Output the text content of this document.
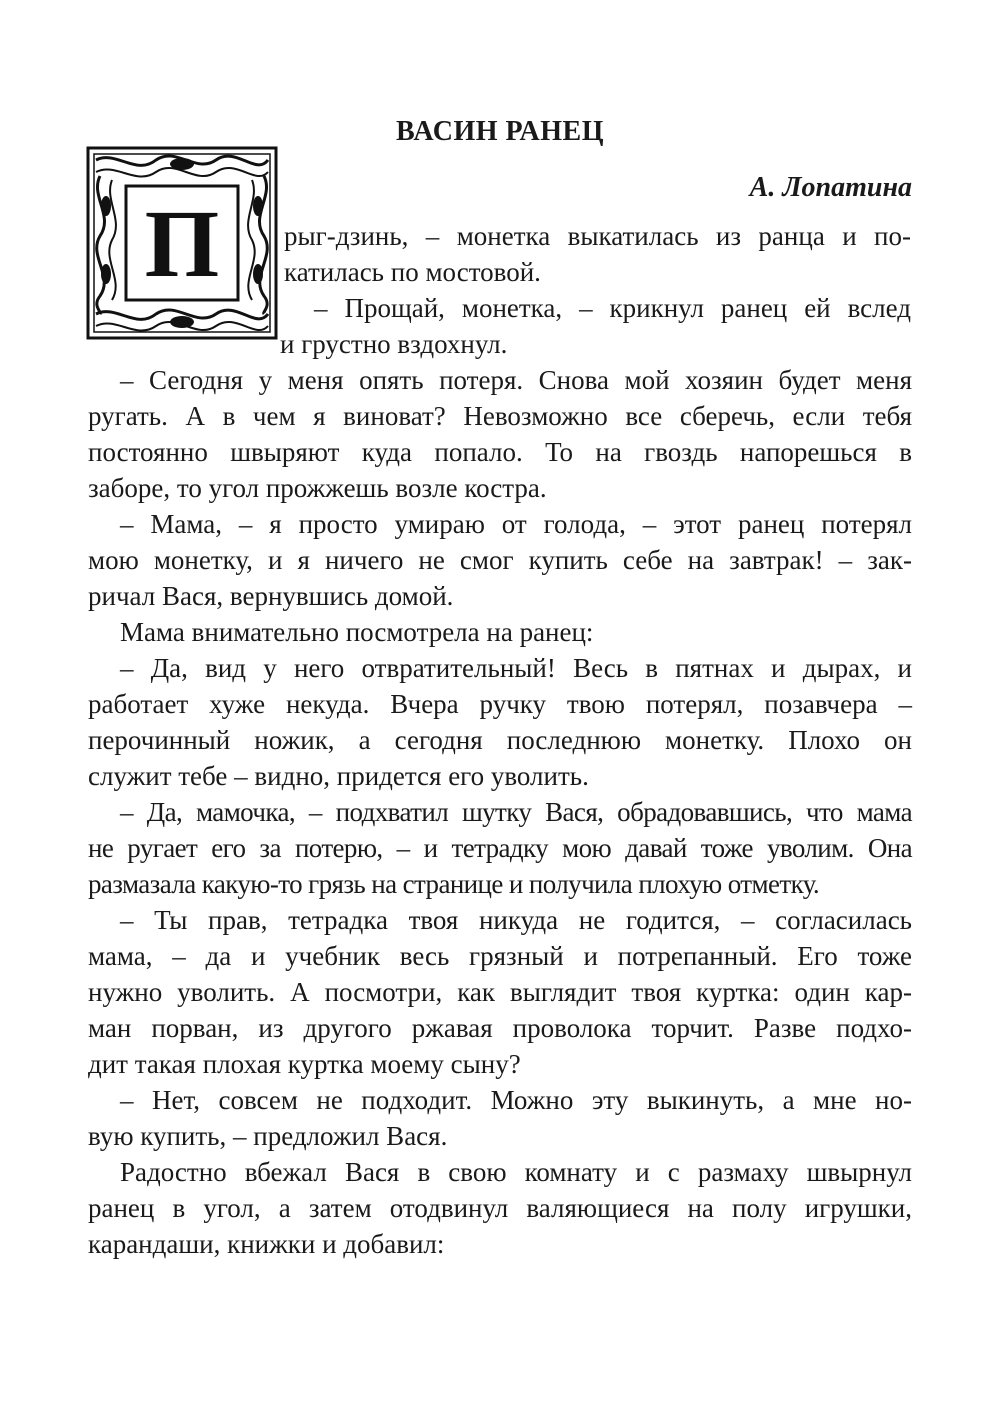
ВАСИН РАНЕЦ
А. Лопатина
П	рыг-дзинь, – монетка выкатилась из ранца и по-
катилась по мостовой.
– Прощай, монетка, – крикнул ранец ей вслед
и грустно вздохнул.
– Сегодня у меня опять потеря. Снова мой хозяин будет меня
ругать. А в чем я виноват? Невозможно все сберечь, если тебя
постоянно швыряют куда попало. То на гвоздь напорешься в
заборе, то угол прожжешь возле костра.
– Мама, – я просто умираю от голода, – этот ранец потерял
мою монетку, и я ничего не смог купить себе на завтрак! – зак-
ричал Вася, вернувшись домой.
Мама внимательно посмотрела на ранец:
– Да, вид у него отвратительный! Весь в пятнах и дырах, и
работает хуже некуда. Вчера ручку твою потерял, позавчера –
перочинный ножик, а сегодня последнюю монетку. Плохо он
служит тебе – видно, придется его уволить.
– Да, мамочка, – подхватил шутку Вася, обрадовавшись, что мама
не ругает его за потерю, – и тетрадку мою давай тоже уволим. Она
размазала какую-то грязь на странице и получила плохую отметку.
– Ты прав, тетрадка твоя никуда не годится, – согласилась
мама, – да и учебник весь грязный и потрепанный. Его тоже
нужно уволить. А посмотри, как выглядит твоя куртка: один кар-
ман порван, из другого ржавая проволока торчит. Разве подхо-
дит такая плохая куртка моему сыну?
– Нет, совсем не подходит. Можно эту выкинуть, а мне но-
вую купить, – предложил Вася.
Радостно вбежал Вася в свою комнату и с размаху швырнул
ранец в угол, а затем отодвинул валяющиеся на полу игрушки,
карандаши, книжки и добавил:
